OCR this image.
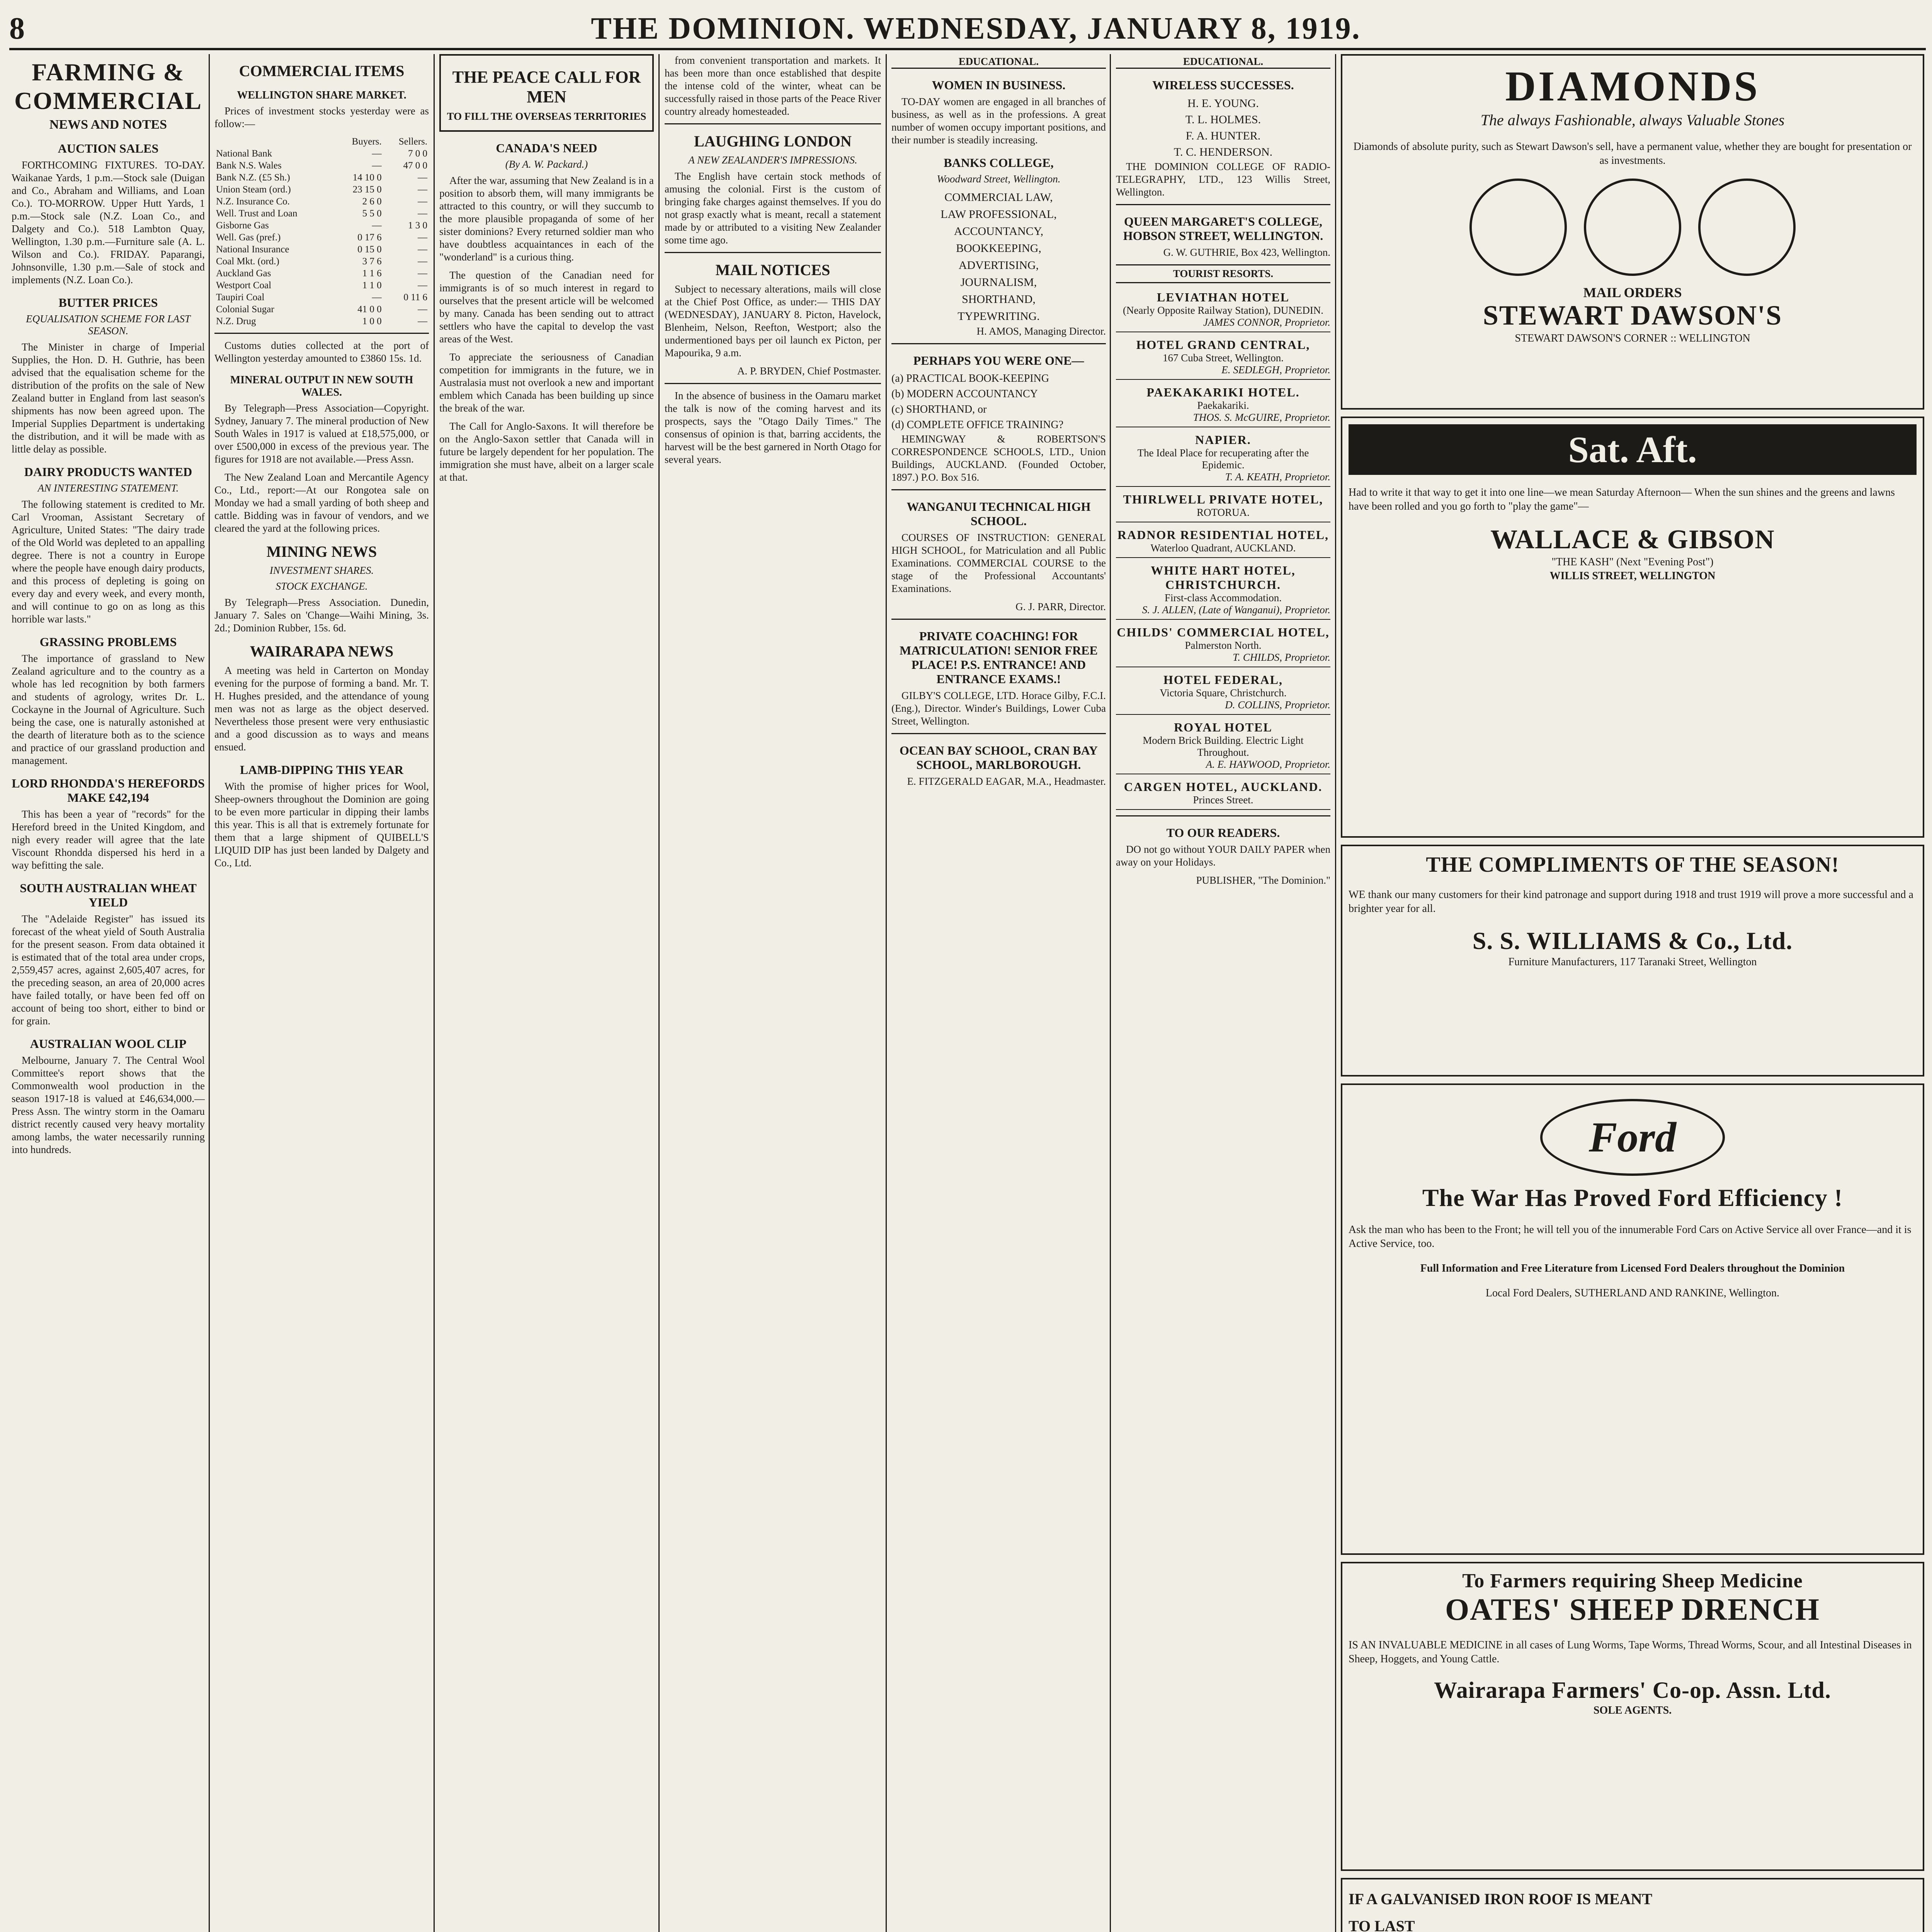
8	THE DOMINION. WEDNESDAY, JANUARY 8, 1919.
FARMING & COMMERCIAL
NEWS AND NOTES
AUCTION SALES

FORTHCOMING FIXTURES. TO-DAY. Waikanae Yards, 1 p.m.—Stock sale (Duigan and Co., Abraham and Williams, and Loan Co.). TO-MORROW. Upper Hutt Yards, 1 p.m.—Stock sale (N.Z. Loan Co., and Dalgety and Co.). 518 Lambton Quay, Wellington, 1.30 p.m.—Furniture sale (A. L. Wilson and Co.). FRIDAY. Paparangi, Johnsonville, 1.30 p.m.—Sale of stock and implements (N.Z. Loan Co.).

BUTTER PRICES
EQUALISATION SCHEME FOR LAST SEASON.

The Minister in charge of Imperial Supplies, the Hon. D. H. Guthrie, has been advised that the equalisation scheme for the distribution of the profits on the sale of New Zealand butter in England from last season's shipments has now been agreed upon. The Imperial Supplies Department is undertaking the distribution, and it will be made with as little delay as possible.

DAIRY PRODUCTS WANTED
AN INTERESTING STATEMENT.

The following statement is credited to Mr. Carl Vrooman, Assistant Secretary of Agriculture, United States: "The dairy trade of the Old World was depleted to an appalling degree. There is not a country in Europe where the people have enough dairy products, and this process of depleting is going on every day and every week, and every month, and will continue to go on as long as this horrible war lasts."

GRASSING PROBLEMS

The importance of grassland to New Zealand agriculture and to the country as a whole has led recognition by both farmers and students of agrology, writes Dr. L. Cockayne in the Journal of Agriculture. Such being the case, one is naturally astonished at the dearth of literature both as to the science and practice of our grassland production and management.

LORD RHONDDA'S HEREFORDS MAKE £42,194

This has been a year of "records" for the Hereford breed in the United Kingdom, and nigh every reader will agree that the late Viscount Rhondda dispersed his herd in a way befitting the sale.

SOUTH AUSTRALIAN WHEAT YIELD

The "Adelaide Register" has issued its forecast of the wheat yield of South Australia for the present season. From data obtained it is estimated that of the total area under crops, 2,559,457 acres, against 2,605,407 acres, for the preceding season, an area of 20,000 acres have failed totally, or have been fed off on account of being too short, either to bind or for grain.

AUSTRALIAN WOOL CLIP

Melbourne, January 7. The Central Wool Committee's report shows that the Commonwealth wool production in the season 1917-18 is valued at £46,634,000.—Press Assn. The wintry storm in the Oamaru district recently caused very heavy mortality among lambs, the water necessarily running into hundreds.

COMMERCIAL ITEMS
WELLINGTON SHARE MARKET.

Prices of investment stocks yesterday were as follow:—

	Buyers.	Sellers.
National Bank	—	7 0 0
Bank N.S. Wales	—	47 0 0
Bank N.Z. (£5 Sh.)	14 10 0	—
Union Steam (ord.)	23 15 0	—
N.Z. Insurance Co.	2 6 0	—
Well. Trust and Loan	5 5 0	—
Gisborne Gas	—	1 3 0
Well. Gas (pref.)	0 17 6	—
National Insurance	0 15 0	—
Coal Mkt. (ord.)	3 7 6	—
Auckland Gas	1 1 6	—
Westport Coal	1 1 0	—
Taupiri Coal	—	0 11 6
Colonial Sugar	41 0 0	—
N.Z. Drug	1 0 0	—

Customs duties collected at the port of Wellington yesterday amounted to £3860 15s. 1d.

MINERAL OUTPUT IN NEW SOUTH WALES.

By Telegraph—Press Association—Copyright. Sydney, January 7. The mineral production of New South Wales in 1917 is valued at £18,575,000, or over £500,000 in excess of the previous year. The figures for 1918 are not available.—Press Assn.

The New Zealand Loan and Mercantile Agency Co., Ltd., report:—At our Rongotea sale on Monday we had a small yarding of both sheep and cattle. Bidding was in favour of vendors, and we cleared the yard at the following prices.

MINING NEWS
INVESTMENT SHARES.
STOCK EXCHANGE.

By Telegraph—Press Association. Dunedin, January 7. Sales on 'Change—Waihi Mining, 3s. 2d.; Dominion Rubber, 15s. 6d.

WAIRARAPA NEWS

A meeting was held in Carterton on Monday evening for the purpose of forming a band. Mr. T. H. Hughes presided, and the attendance of young men was not as large as the object deserved. Nevertheless those present were very enthusiastic and a good discussion as to ways and means ensued.

LAMB-DIPPING THIS YEAR

With the promise of higher prices for Wool, Sheep-owners throughout the Dominion are going to be even more particular in dipping their lambs this year. This is all that is extremely fortunate for them that a large shipment of QUIBELL'S LIQUID DIP has just been landed by Dalgety and Co., Ltd.

THE PEACE CALL FOR MEN
TO FILL THE OVERSEAS TERRITORIES
CANADA'S NEED
(By A. W. Packard.)

After the war, assuming that New Zealand is in a position to absorb them, will many immigrants be attracted to this country, or will they succumb to the more plausible propaganda of some of her sister dominions? Every returned soldier man who have doubtless acquaintances in each of the "wonderland" is a curious thing.

The question of the Canadian need for immigrants is of so much interest in regard to ourselves that the present article will be welcomed by many. Canada has been sending out to attract settlers who have the capital to develop the vast areas of the West.

To appreciate the seriousness of Canadian competition for immigrants in the future, we in Australasia must not overlook a new and important emblem which Canada has been building up since the break of the war.

The Call for Anglo-Saxons. It will therefore be on the Anglo-Saxon settler that Canada will in future be largely dependent for her population. The immigration she must have, albeit on a larger scale at that.

from convenient transportation and markets. It has been more than once established that despite the intense cold of the winter, wheat can be successfully raised in those parts of the Peace River country already homesteaded.

LAUGHING LONDON
A NEW ZEALANDER'S IMPRESSIONS.

The English have certain stock methods of amusing the colonial. First is the custom of bringing fake charges against themselves. If you do not grasp exactly what is meant, recall a statement made by or attributed to a visiting New Zealander some time ago.

MAIL NOTICES

Subject to necessary alterations, mails will close at the Chief Post Office, as under:— THIS DAY (WEDNESDAY), JANUARY 8. Picton, Havelock, Blenheim, Nelson, Reefton, Westport; also the undermentioned bays per oil launch ex Picton, per Mapourika, 9 a.m.

A. P. BRYDEN, Chief Postmaster.

In the absence of business in the Oamaru market the talk is now of the coming harvest and its prospects, says the "Otago Daily Times." The consensus of opinion is that, barring accidents, the harvest will be the best garnered in North Otago for several years.

EDUCATIONAL.
WOMEN IN BUSINESS.

TO-DAY women are engaged in all branches of business, as well as in the professions. A great number of women occupy important positions, and their number is steadily increasing.

BANKS COLLEGE,
Woodward Street, Wellington.
COMMERCIAL LAW,
LAW PROFESSIONAL,
ACCOUNTANCY,
BOOKKEEPING,
ADVERTISING,
JOURNALISM,
SHORTHAND,
TYPEWRITING.

H. AMOS, Managing Director.

PERHAPS YOU WERE ONE—
(a) PRACTICAL BOOK-KEEPING
(b) MODERN ACCOUNTANCY
(c) SHORTHAND, or
(d) COMPLETE OFFICE TRAINING?

HEMINGWAY & ROBERTSON'S CORRESPONDENCE SCHOOLS, LTD., Union Buildings, AUCKLAND. (Founded October, 1897.) P.O. Box 516.

WANGANUI TECHNICAL HIGH SCHOOL.

COURSES OF INSTRUCTION: GENERAL HIGH SCHOOL, for Matriculation and all Public Examinations. COMMERCIAL COURSE to the stage of the Professional Accountants' Examinations.

G. J. PARR, Director.

PRIVATE COACHING! FOR MATRICULATION! SENIOR FREE PLACE! P.S. ENTRANCE! AND ENTRANCE EXAMS.!

GILBY'S COLLEGE, LTD. Horace Gilby, F.C.I. (Eng.), Director. Winder's Buildings, Lower Cuba Street, Wellington.

OCEAN BAY SCHOOL, CRAN BAY SCHOOL, MARLBOROUGH.

E. FITZGERALD EAGAR, M.A., Headmaster.

EDUCATIONAL.
WIRELESS SUCCESSES.
H. E. YOUNG.
T. L. HOLMES.
F. A. HUNTER.
T. C. HENDERSON.

THE DOMINION COLLEGE OF RADIO-TELEGRAPHY, LTD., 123 Willis Street, Wellington.

QUEEN MARGARET'S COLLEGE, HOBSON STREET, WELLINGTON.

G. W. GUTHRIE, Box 423, Wellington.

TOURIST RESORTS.
LEVIATHAN HOTEL
(Nearly Opposite Railway Station), DUNEDIN.
JAMES CONNOR, Proprietor.
HOTEL GRAND CENTRAL,
167 Cuba Street, Wellington.
E. SEDLEGH, Proprietor.
PAEKAKARIKI HOTEL.
Paekakariki.
THOS. S. McGUIRE, Proprietor.
NAPIER.
The Ideal Place for recuperating after the Epidemic.
T. A. KEATH, Proprietor.
THIRLWELL PRIVATE HOTEL,
ROTORUA.
RADNOR RESIDENTIAL HOTEL,
Waterloo Quadrant, AUCKLAND.
WHITE HART HOTEL, CHRISTCHURCH.
First-class Accommodation.
S. J. ALLEN, (Late of Wanganui), Proprietor.
CHILDS' COMMERCIAL HOTEL,
Palmerston North.
T. CHILDS, Proprietor.
HOTEL FEDERAL,
Victoria Square, Christchurch.
D. COLLINS, Proprietor.
ROYAL HOTEL
Modern Brick Building. Electric Light Throughout.
A. E. HAYWOOD, Proprietor.
CARGEN HOTEL, AUCKLAND.
Princes Street.
TO OUR READERS.

DO not go without YOUR DAILY PAPER when away on your Holidays.

PUBLISHER, "The Dominion."

DIAMONDS
The always Fashionable, always Valuable Stones

Diamonds of absolute purity, such as Stewart Dawson's sell, have a permanent value, whether they are bought for presentation or as investments.

MAIL ORDERS
STEWART DAWSON'S
STEWART DAWSON'S CORNER :: WELLINGTON
Sat. Aft.

Had to write it that way to get it into one line—we mean Saturday Afternoon— When the sun shines and the greens and lawns have been rolled and you go forth to "play the game"—

WALLACE & GIBSON
"THE KASH" (Next "Evening Post")
WILLIS STREET, WELLINGTON
THE COMPLIMENTS OF THE SEASON!

WE thank our many customers for their kind patronage and support during 1918 and trust 1919 will prove a more successful and a brighter year for all.

S. S. WILLIAMS & Co., Ltd.
Furniture Manufacturers, 117 Taranaki Street, Wellington
Ford
The War Has Proved Ford Efficiency !

Ask the man who has been to the Front; he will tell you of the innumerable Ford Cars on Active Service all over France—and it is Active Service, too.

Full Information and Free Literature from Licensed Ford Dealers throughout the Dominion

Local Ford Dealers, SUTHERLAND AND RANKINE, Wellington.

To Farmers requiring Sheep Medicine
OATES' SHEEP DRENCH

IS AN INVALUABLE MEDICINE in all cases of Lung Worms, Tape Worms, Thread Worms, Scour, and all Intestinal Diseases in Sheep, Hoggets, and Young Cattle.

Wairarapa Farmers' Co-op. Assn. Ltd.
SOLE AGENTS.
IF A GALVANISED IRON ROOF IS MEANT
TO LAST
